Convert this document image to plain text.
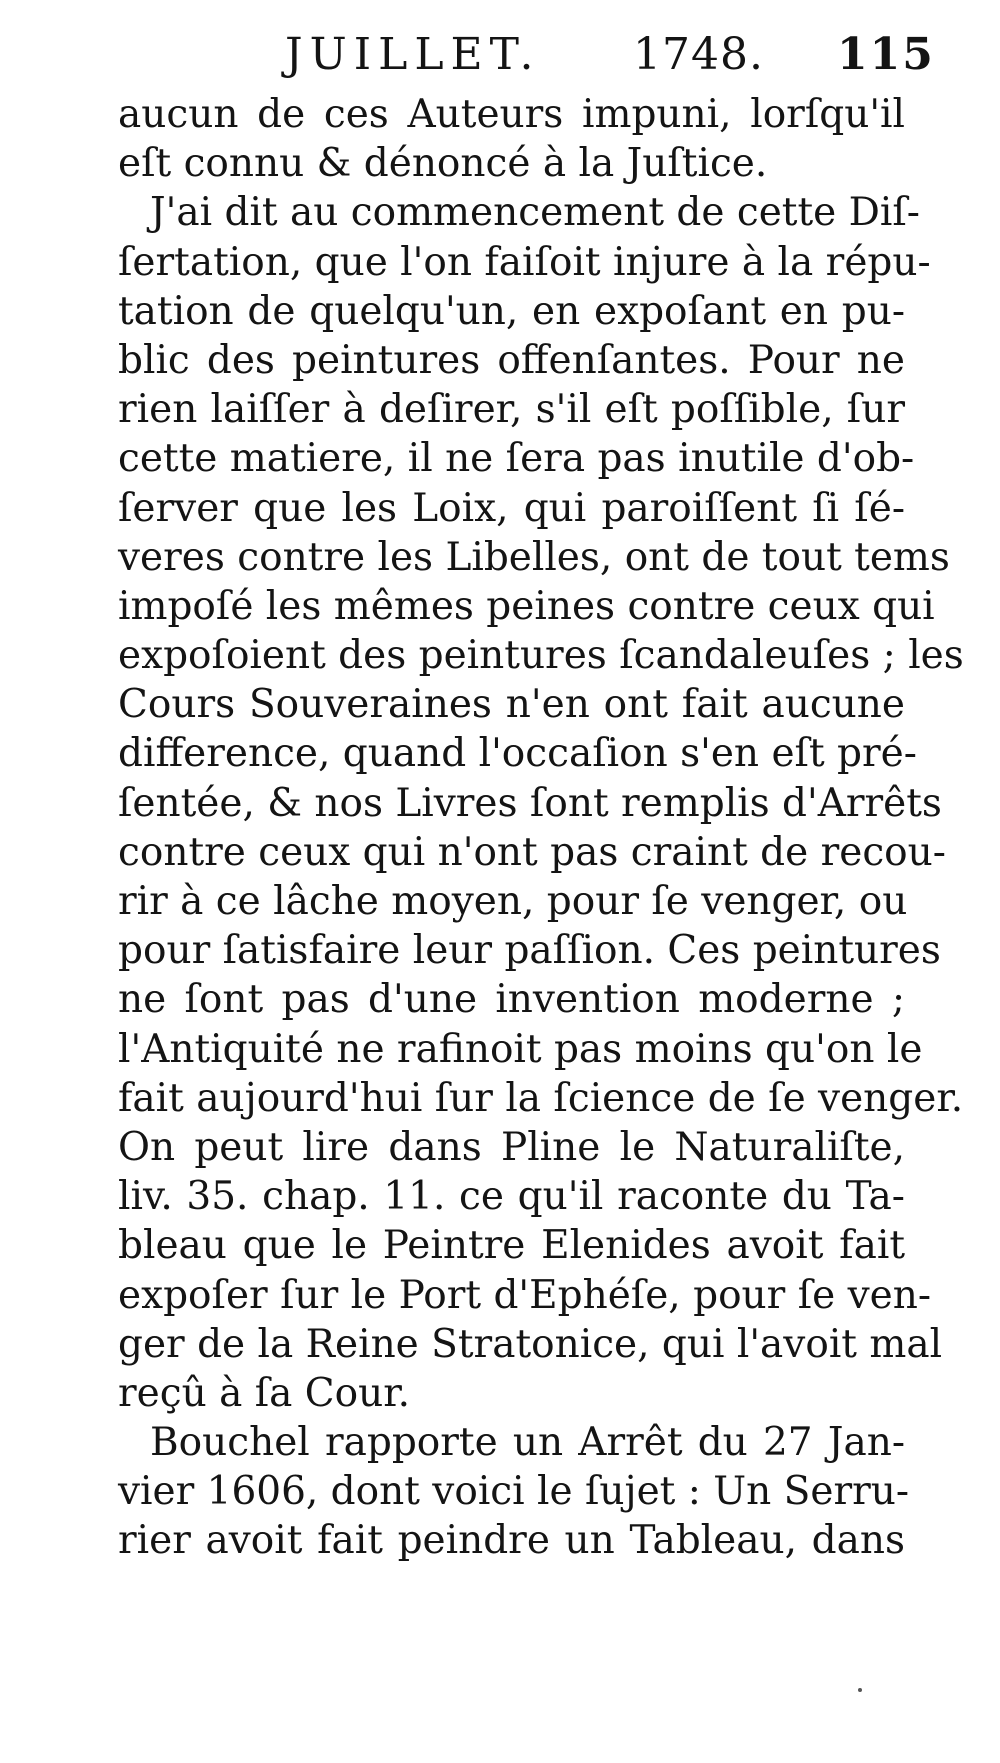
JUILLET. 1748. 115
aucun de ces Auteurs impuni, lorſqu'il
eſt connu & dénoncé à la Juſtice.
J'ai dit au commencement de cette Diſ-
ſertation, que l'on faiſoit injure à la répu-
tation de quelqu'un, en expoſant en pu-
blic des peintures offenſantes. Pour ne
rien laiſſer à deſirer, s'il eſt poſſible, ſur
cette matiere, il ne ſera pas inutile d'ob-
ſerver que les Loix, qui paroiſſent ſi ſé-
veres contre les Libelles, ont de tout tems
impoſé les mêmes peines contre ceux qui
expoſoient des peintures ſcandaleuſes ; les
Cours Souveraines n'en ont fait aucune
difference, quand l'occaſion s'en eſt pré-
ſentée, & nos Livres ſont remplis d'Arrêts
contre ceux qui n'ont pas craint de recou-
rir à ce lâche moyen, pour ſe venger, ou
pour ſatisfaire leur paſſion. Ces peintures
ne ſont pas d'une invention moderne ;
l'Antiquité ne rafinoit pas moins qu'on le
fait aujourd'hui ſur la ſcience de ſe venger.
On peut lire dans Pline le Naturaliſte,
liv. 35. chap. 11. ce qu'il raconte du Ta-
bleau que le Peintre Elenides avoit fait
expoſer ſur le Port d'Ephéſe, pour ſe ven-
ger de la Reine Stratonice, qui l'avoit mal
reçû à ſa Cour.
Bouchel rapporte un Arrêt du 27 Jan-
vier 1606, dont voici le ſujet : Un Serru-
rier avoit fait peindre un Tableau, dans
